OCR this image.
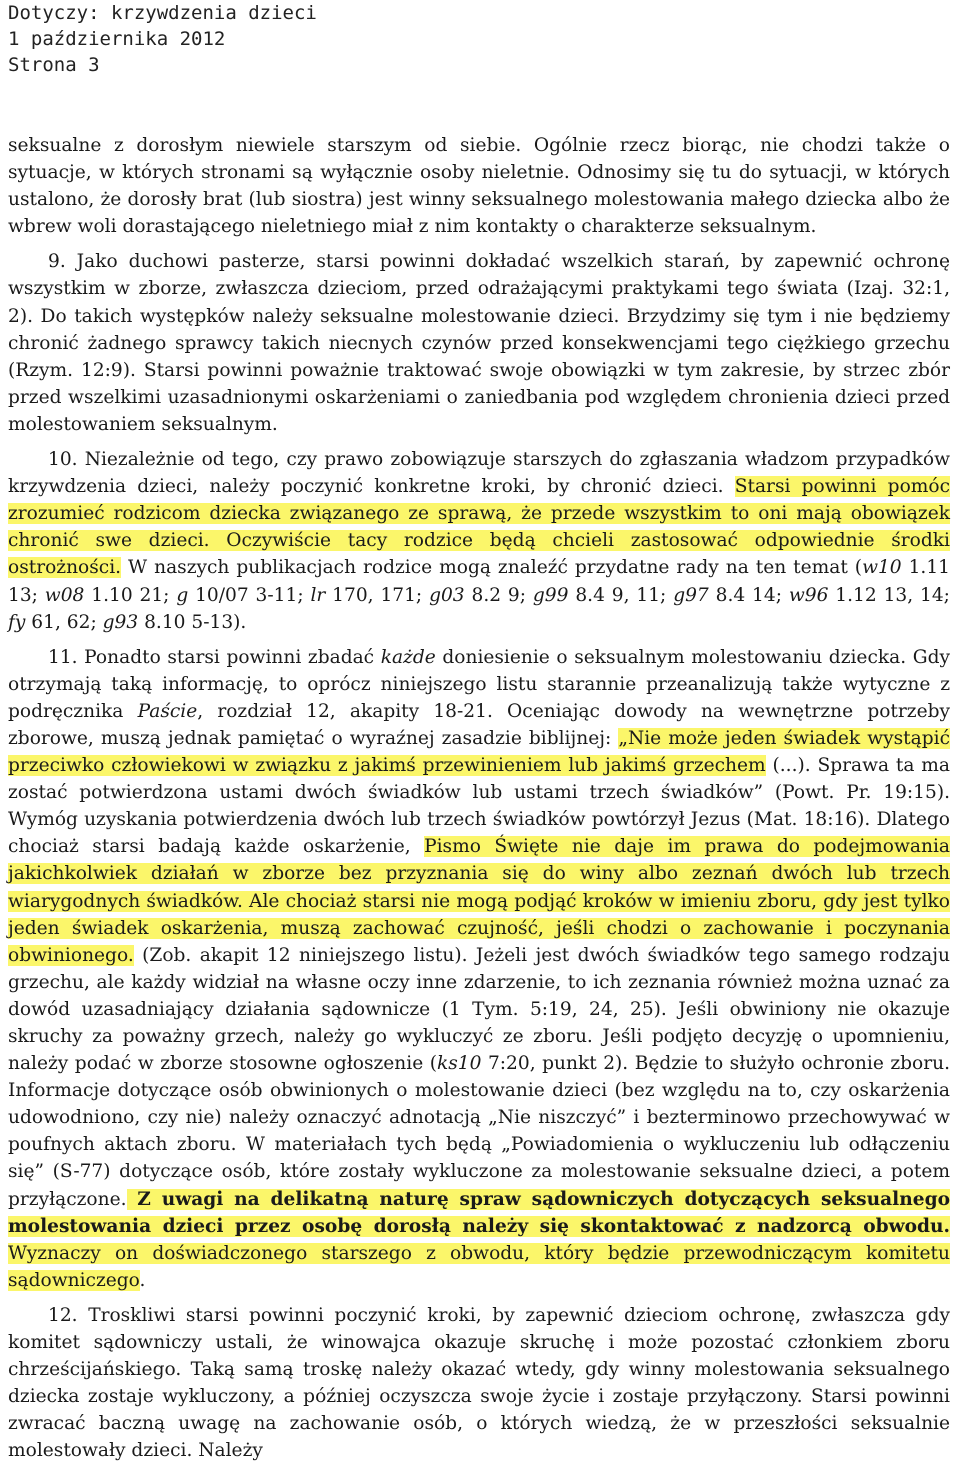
Dotyczy: krzywdzenia dzieci
1 października 2012
Strona 3

seksualne z dorosłym niewiele starszym od siebie. Ogólnie rzecz biorąc, nie chodzi także o sytuacje, w których stronami są wyłącznie osoby nieletnie. Odnosimy się tu do sytuacji, w których ustalono, że dorosły brat (lub siostra) jest winny seksualnego molestowania małego dziecka albo że wbrew woli dorastającego nieletniego miał z nim kontakty o charakterze seksualnym.

9. Jako duchowi pasterze, starsi powinni dokładać wszelkich starań, by zapewnić ochronę wszystkim w zborze, zwłaszcza dzieciom, przed odrażającymi praktykami tego świata (Izaj. 32:1, 2). Do takich występków należy seksualne molestowanie dzieci. Brzydzimy się tym i nie będziemy chronić żadnego sprawcy takich niecnych czynów przed konsekwencjami tego ciężkiego grzechu (Rzym. 12:9). Starsi powinni poważnie traktować swoje obowiązki w tym zakresie, by strzec zbór przed wszelkimi uzasadnionymi oskarżeniami o zaniedbania pod względem chronienia dzieci przed molestowaniem seksualnym.

10. Niezależnie od tego, czy prawo zobowiązuje starszych do zgłaszania władzom przypadków krzywdzenia dzieci, należy poczynić konkretne kroki, by chronić dzieci. Starsi powinni pomóc zrozumieć rodzicom dziecka związanego ze sprawą, że przede wszystkim to oni mają obowiązek chronić swe dzieci. Oczywiście tacy rodzice będą chcieli zastosować odpowiednie środki ostrożności. W naszych publikacjach rodzice mogą znaleźć przydatne rady na ten temat (w10 1.11 13; w08 1.10 21; g 10/07 3-11; lr 170, 171; g03 8.2 9; g99 8.4 9, 11; g97 8.4 14; w96 1.12 13, 14; fy 61, 62; g93 8.10 5-13).

11. Ponadto starsi powinni zbadać każde doniesienie o seksualnym molestowaniu dziecka. Gdy otrzymają taką informację, to oprócz niniejszego listu starannie przeanalizują także wytyczne z podręcznika Paście, rozdział 12, akapity 18-21. Oceniając dowody na wewnętrzne potrzeby zborowe, muszą jednak pamiętać o wyraźnej zasadzie biblijnej: „Nie może jeden świadek wystąpić przeciwko człowiekowi w związku z jakimś przewinieniem lub jakimś grzechem (...). Sprawa ta ma zostać potwierdzona ustami dwóch świadków lub ustami trzech świadków” (Powt. Pr. 19:15). Wymóg uzyskania potwierdzenia dwóch lub trzech świadków powtórzył Jezus (Mat. 18:16). Dlatego chociaż starsi badają każde oskarżenie, Pismo Święte nie daje im prawa do podejmowania jakichkolwiek działań w zborze bez przyznania się do winy albo zeznań dwóch lub trzech wiarygodnych świadków. Ale chociaż starsi nie mogą podjąć kroków w imieniu zboru, gdy jest tylko jeden świadek oskarżenia, muszą zachować czujność, jeśli chodzi o zachowanie i poczynania obwinionego. (Zob. akapit 12 niniejszego listu). Jeżeli jest dwóch świadków tego samego rodzaju grzechu, ale każdy widział na własne oczy inne zdarzenie, to ich zeznania również można uznać za dowód uzasadniający działania sądownicze (1 Tym. 5:19, 24, 25). Jeśli obwiniony nie okazuje skruchy za poważny grzech, należy go wykluczyć ze zboru. Jeśli podjęto decyzję o upomnieniu, należy podać w zborze stosowne ogłoszenie (ks10 7:20, punkt 2). Będzie to służyło ochronie zboru. Informacje dotyczące osób obwinionych o molestowanie dzieci (bez względu na to, czy oskarżenia udowodniono, czy nie) należy oznaczyć adnotacją „Nie niszczyć” i bezterminowo przechowywać w poufnych aktach zboru. W materiałach tych będą „Powiadomienia o wykluczeniu lub odłączeniu się” (S-77) dotyczące osób, które zostały wykluczone za molestowanie seksualne dzieci, a potem przyłączone. Z uwagi na delikatną naturę spraw sądowniczych dotyczących seksualnego molestowania dzieci przez osobę dorosłą należy się skontaktować z nadzorcą obwodu. Wyznaczy on doświadczonego starszego z obwodu, który będzie przewodniczącym komitetu sądowniczego.

12. Troskliwi starsi powinni poczynić kroki, by zapewnić dzieciom ochronę, zwłaszcza gdy komitet sądowniczy ustali, że winowajca okazuje skruchę i może pozostać członkiem zboru chrześcijańskiego. Taką samą troskę należy okazać wtedy, gdy winny molestowania seksualnego dziecka zostaje wykluczony, a później oczyszcza swoje życie i zostaje przyłączony. Starsi powinni zwracać baczną uwagę na zachowanie osób, o których wiedzą, że w przeszłości seksualnie molestowały dzieci. Należy
